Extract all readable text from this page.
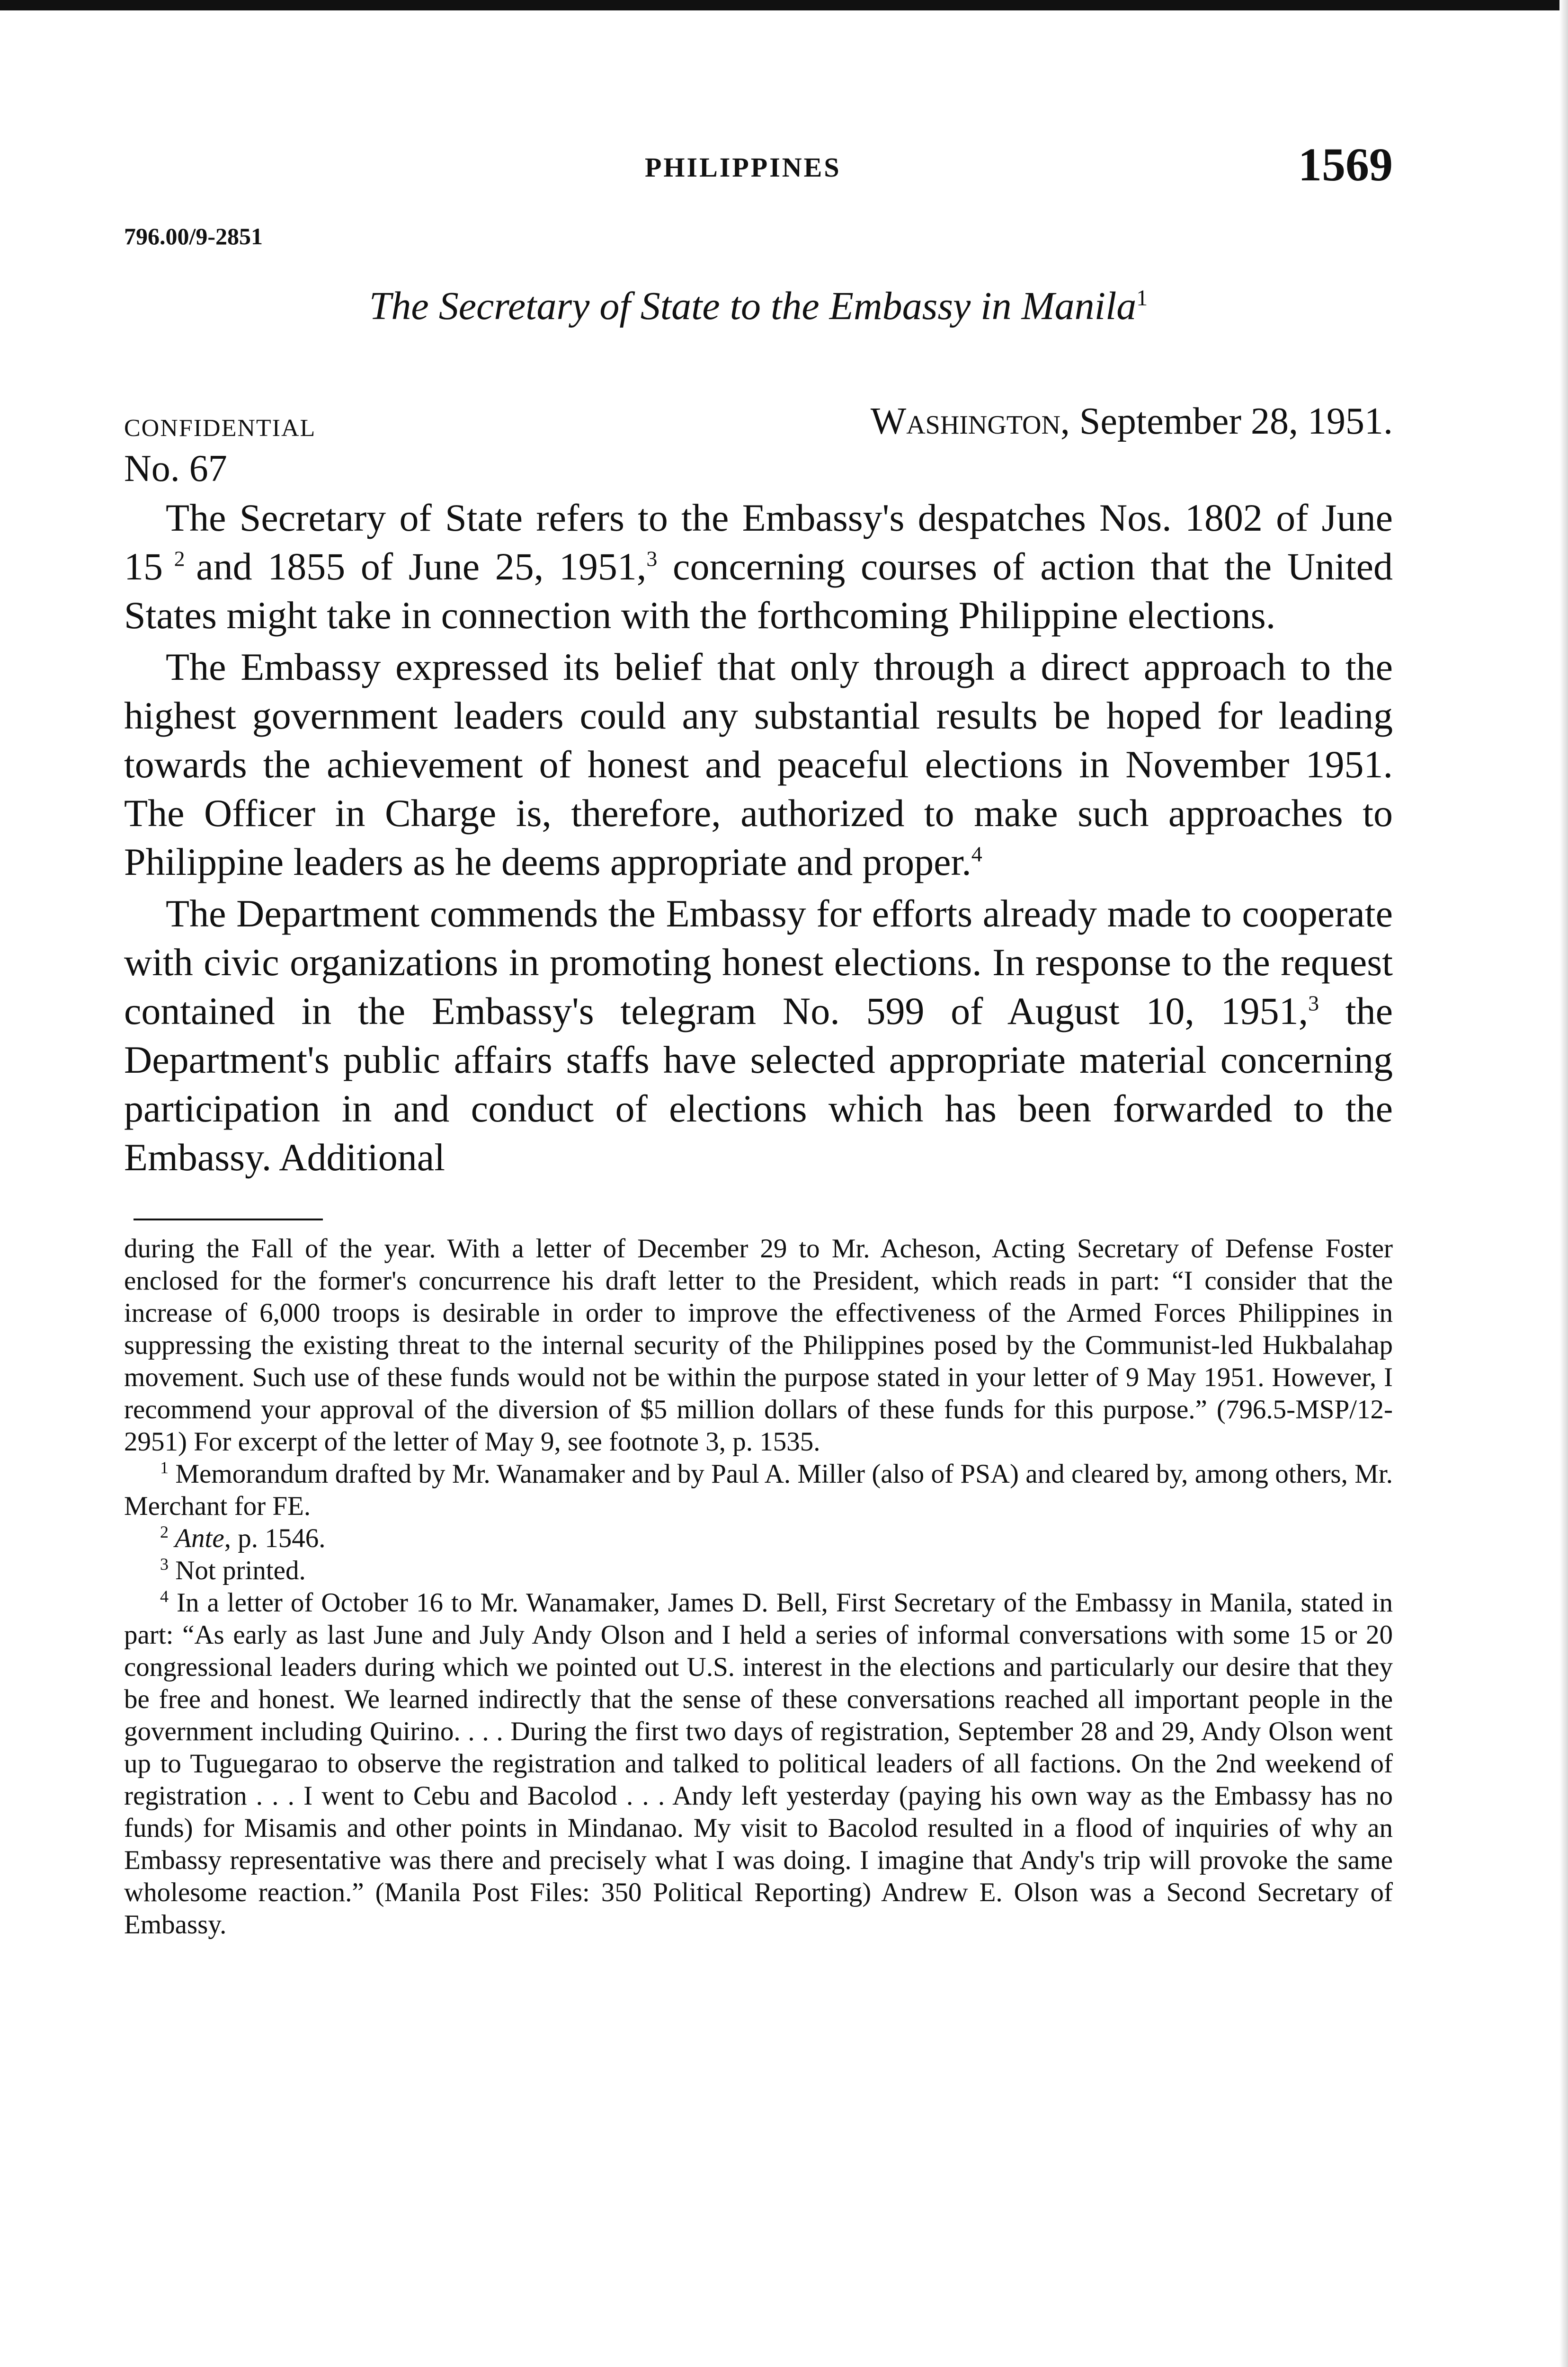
PHILIPPINES	1569
796.00/9-2851
The Secretary of State to the Embassy in Manila$^1$
CONFIDENTIAL	Washington, September 28, 1951.
No. 67

The Secretary of State refers to the Embassy's despatches Nos. 1802 of June 15 $^2$ and 1855 of June 25, 1951,$^3$ concerning courses of action that the United States might take in connection with the forthcoming Philippine elections.

The Embassy expressed its belief that only through a direct approach to the highest government leaders could any substantial results be hoped for leading towards the achievement of honest and peaceful elections in November 1951. The Officer in Charge is, therefore, authorized to make such approaches to Philippine leaders as he deems appropriate and proper.$^4$

The Department commends the Embassy for efforts already made to cooperate with civic organizations in promoting honest elections. In response to the request contained in the Embassy's telegram No. 599 of August 10, 1951,$^3$ the Department's public affairs staffs have selected appropriate material concerning participation in and conduct of elections which has been forwarded to the Embassy. Additional

during the Fall of the year. With a letter of December 29 to Mr. Acheson, Acting Secretary of Defense Foster enclosed for the former's concurrence his draft letter to the President, which reads in part: “I consider that the increase of 6,000 troops is desirable in order to improve the effectiveness of the Armed Forces Philippines in suppressing the existing threat to the internal security of the Philippines posed by the Communist-led Hukbalahap movement. Such use of these funds would not be within the purpose stated in your letter of 9 May 1951. However, I recommend your approval of the diversion of $5 million dollars of these funds for this purpose.” (796.5-MSP/12-2951) For excerpt of the letter of May 9, see footnote 3, p. 1535.

$^1$ Memorandum drafted by Mr. Wanamaker and by Paul A. Miller (also of PSA) and cleared by, among others, Mr. Merchant for FE.

$^2$ Ante, p. 1546.

$^3$ Not printed.

$^4$ In a letter of October 16 to Mr. Wanamaker, James D. Bell, First Secretary of the Embassy in Manila, stated in part: “As early as last June and July Andy Olson and I held a series of informal conversations with some 15 or 20 congressional leaders during which we pointed out U.S. interest in the elections and particularly our desire that they be free and honest. We learned indirectly that the sense of these conversations reached all important people in the government including Quirino. . . . During the first two days of registration, September 28 and 29, Andy Olson went up to Tuguegarao to observe the registration and talked to political leaders of all factions. On the 2nd weekend of registration . . . I went to Cebu and Bacolod . . . Andy left yesterday (paying his own way as the Embassy has no funds) for Misamis and other points in Mindanao. My visit to Bacolod resulted in a flood of inquiries of why an Embassy representative was there and precisely what I was doing. I imagine that Andy's trip will provoke the same wholesome reaction.” (Manila Post Files: 350 Political Reporting) Andrew E. Olson was a Second Secretary of Embassy.
